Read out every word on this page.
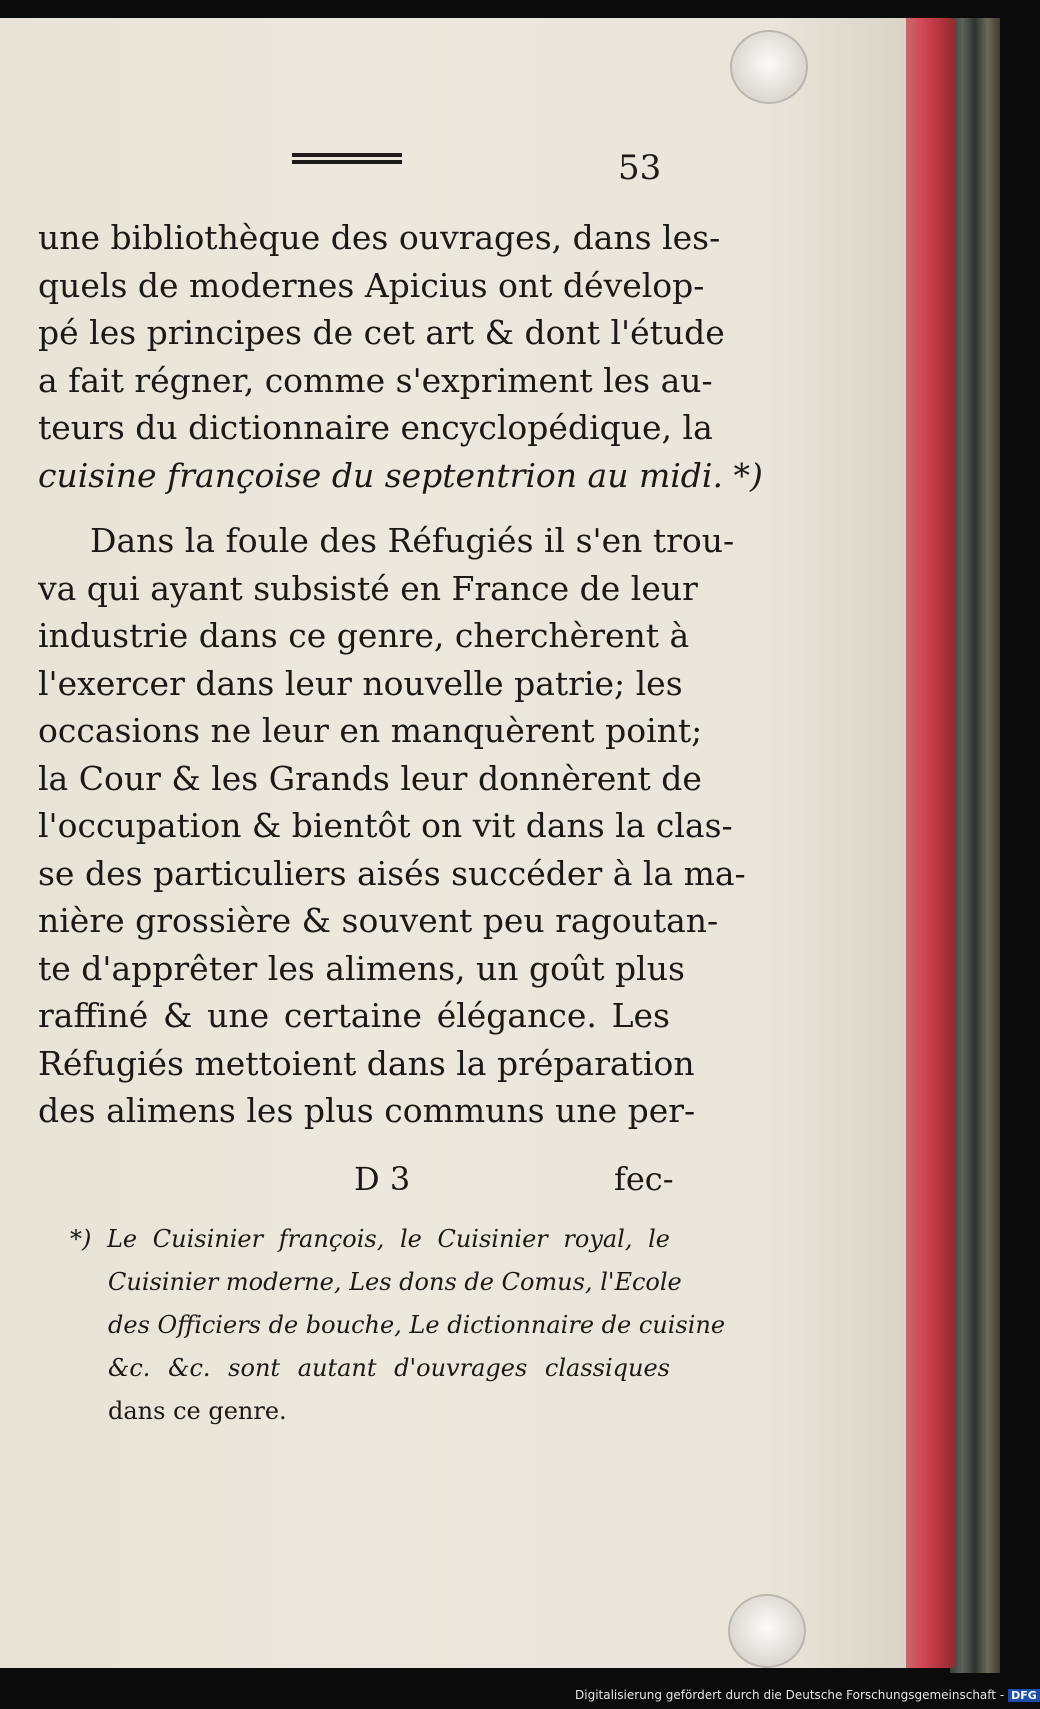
53
une bibliothèque des ouvrages, dans les-
quels de modernes Apicius ont dévelop-
pé les principes de cet art & dont l'étude
a fait régner, comme s'expriment les au-
teurs du dictionnaire encyclopédique, la
cuisine françoise du septentrion au midi. *)
Dans la foule des Réfugiés il s'en trou-
va qui ayant subsisté en France de leur
industrie dans ce genre, cherchèrent à
l'exercer dans leur nouvelle patrie; les
occasions ne leur en manquèrent point;
la Cour & les Grands leur donnèrent de
l'occupation & bientôt on vit dans la clas-
se des particuliers aisés succéder à la ma-
nière grossière & souvent peu ragoutan-
te d'apprêter les alimens, un goût plus
raffiné & une certaine élégance. Les
Réfugiés mettoient dans la préparation
des alimens les plus communs une per-
D 3	fec-
*) Le Cuisinier françois, le Cuisinier royal, le
Cuisinier moderne, Les dons de Comus, l'Ecole
des Officiers de bouche, Le dictionnaire de cuisine
&c. &c. sont autant d'ouvrages classiques
dans ce genre.
Digitalisierung gefördert durch die Deutsche Forschungsgemeinschaft - DFG
